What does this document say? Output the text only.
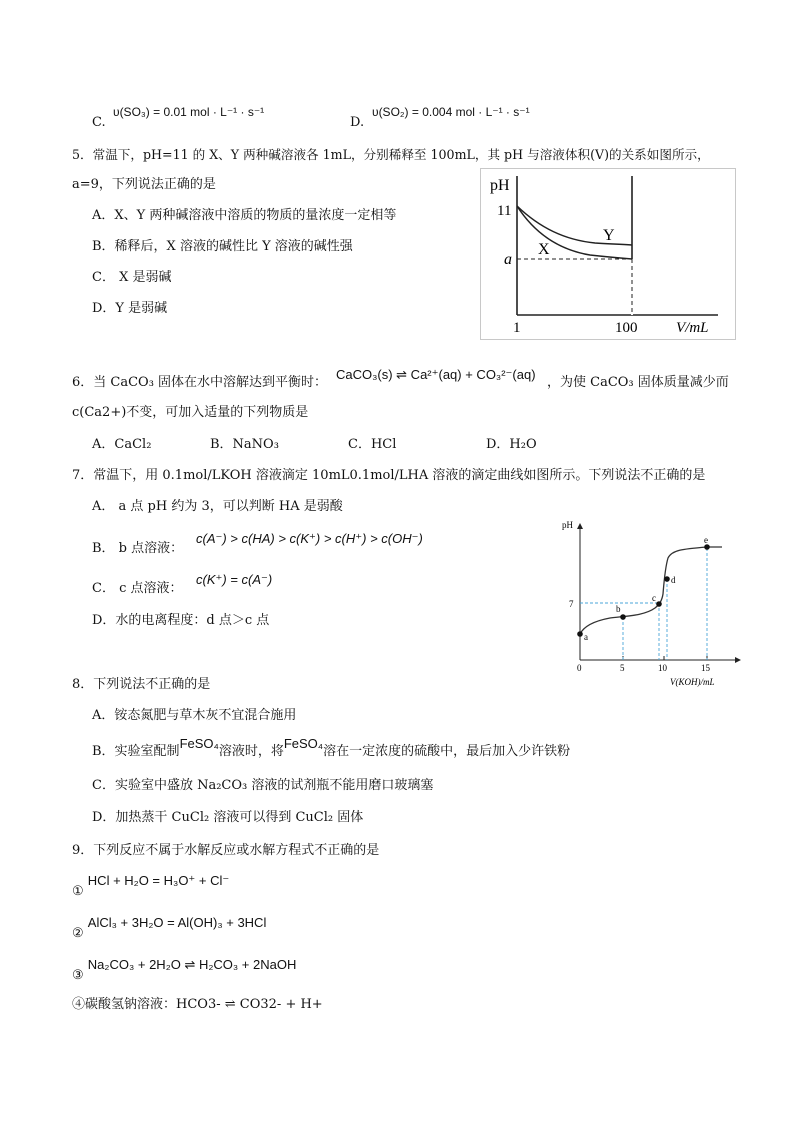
C.
υ(SO₃) = 0.01 mol · L⁻¹ · s⁻¹
D.
υ(SO₂) = 0.004 mol · L⁻¹ · s⁻¹
5．常温下，pH=11 的 X、Y 两种碱溶液各 1mL，分别稀释至 100mL，其 pH 与溶液体积(V)的关系如图所示，
a=9，下列说法正确的是
A．X、Y 两种碱溶液中溶质的物质的量浓度一定相等
B．稀释后，X 溶液的碱性比 Y 溶液的碱性强
C． X 是弱碱
D．Y 是弱碱
pH
11
a
1	100	V/mL
Y
X
6．当 CaCO₃ 固体在水中溶解达到平衡时：
CaCO₃(s) ⇌ Ca²⁺(aq) + CO₃²⁻(aq)
，为使 CaCO₃ 固体质量减少而
c(Ca2+)不变，可加入适量的下列物质是
A．CaCl₂	B．NaNO₃	C．HCl	D．H₂O
7．常温下，用 0.1mol/LKOH 溶液滴定 10mL0.1mol/LHA 溶液的滴定曲线如图所示。下列说法不正确的是
A． a 点 pH 约为 3，可以判断 HA 是弱酸
B． b 点溶液：
c(A⁻) > c(HA) > c(K⁺) > c(H⁺) > c(OH⁻)
C． c 点溶液：
c(K⁺) = c(A⁻)
D．水的电离程度：d 点＞c 点
a
b
c
d
e
pH
7
0	5	10	15
V(KOH)/mL
8．下列说法不正确的是
A．铵态氮肥与草木灰不宜混合施用
B．实验室配制FeSO₄溶液时，将FeSO₄溶在一定浓度的硫酸中，最后加入少许铁粉
C．实验室中盛放 Na₂CO₃ 溶液的试剂瓶不能用磨口玻璃塞
D．加热蒸干 CuCl₂ 溶液可以得到 CuCl₂ 固体
9．下列反应不属于水解反应或水解方程式不正确的是
① HCl + H₂O = H₃O⁺ + Cl⁻
② AlCl₃ + 3H₂O = Al(OH)₃ + 3HCl
③ Na₂CO₃ + 2H₂O ⇌ H₂CO₃ + 2NaOH
④碳酸氢钠溶液：HCO3- ⇌ CO32- + H+
